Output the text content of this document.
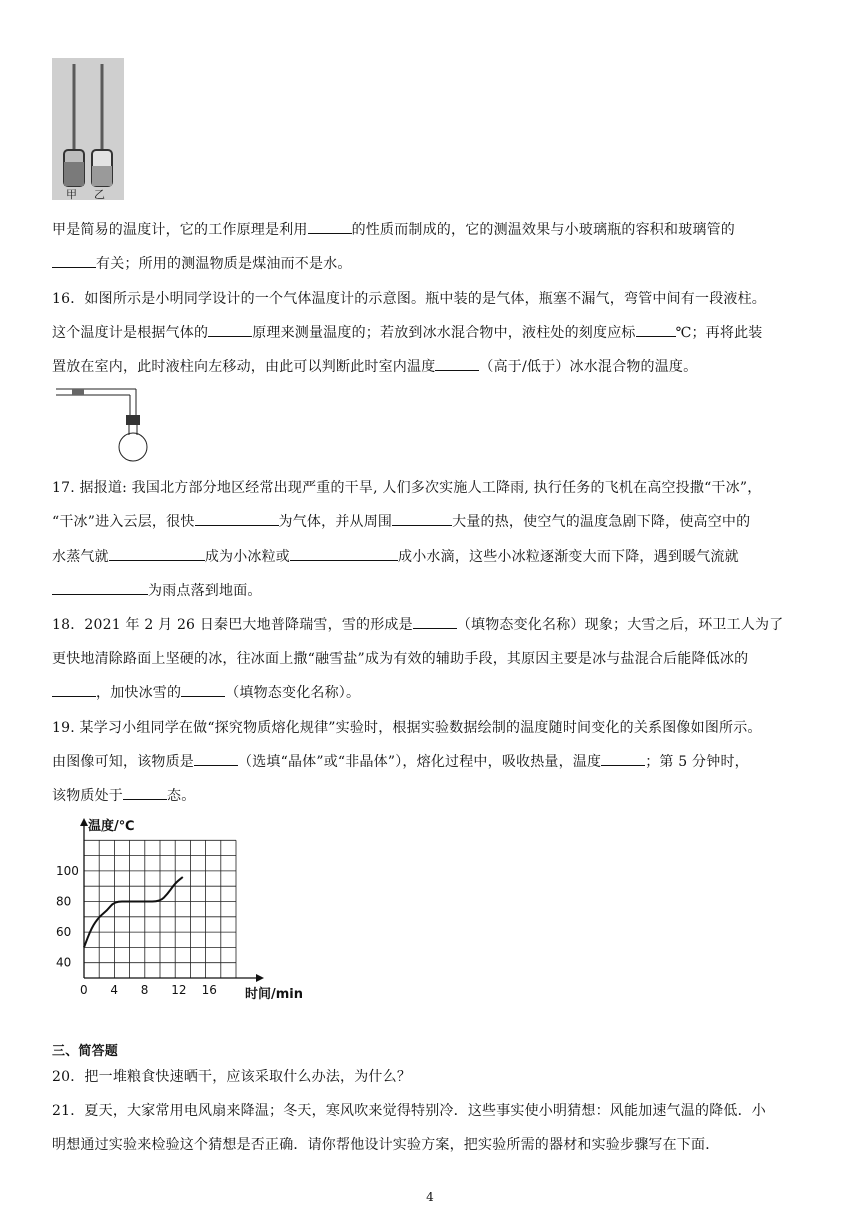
甲 乙
甲是简易的温度计，它的工作原理是利用	的性质而制成的，它的测温效果与小玻璃瓶的容积和玻璃管的
有关；所用的测温物质是煤油而不是水。
16．如图所示是小明同学设计的一个气体温度计的示意图。瓶中装的是气体，瓶塞不漏气，弯管中间有一段液柱。
这个温度计是根据气体的	原理来测量温度的；若放到冰水混合物中，液柱处的刻度应标	℃；再将此装
置放在室内，此时液柱向左移动，由此可以判断此时室内温度	（高于/低于）冰水混合物的温度。
17. 据报道: 我国北方部分地区经常出现严重的干旱, 人们多次实施人工降雨, 执行任务的飞机在高空投撒“干冰”，
“干冰”进入云层，很快	为气体，并从周围	大量的热，使空气的温度急剧下降，使高空中的
水蒸气就	成为小冰粒或	成小水滴，这些小冰粒逐渐变大而下降，遇到暖气流就
为雨点落到地面。
18．2021 年 2 月 26 日秦巴大地普降瑞雪，雪的形成是	（填物态变化名称）现象；大雪之后，环卫工人为了
更快地清除路面上坚硬的冰，往冰面上撒“融雪盐”成为有效的辅助手段，其原因主要是冰与盐混合后能降低冰的
，加快冰雪的	（填物态变化名称）。
19. 某学习小组同学在做“探究物质熔化规律”实验时，根据实验数据绘制的温度随时间变化的关系图像如图所示。
由图像可知，该物质是	（选填“晶体”或“非晶体”），熔化过程中，吸收热量，温度	；第 5 分钟时，
该物质处于	态。
0 4 8 12 16
40
60
80
100
温度/℃
时间/min
三、简答题
20．把一堆粮食快速晒干，应该采取什么办法，为什么？
21．夏天，大家常用电风扇来降温；冬天，寒风吹来觉得特别冷．这些事实使小明猜想：风能加速气温的降低．小
明想通过实验来检验这个猜想是否正确．请你帮他设计实验方案，把实验所需的器材和实验步骤写在下面．
4
